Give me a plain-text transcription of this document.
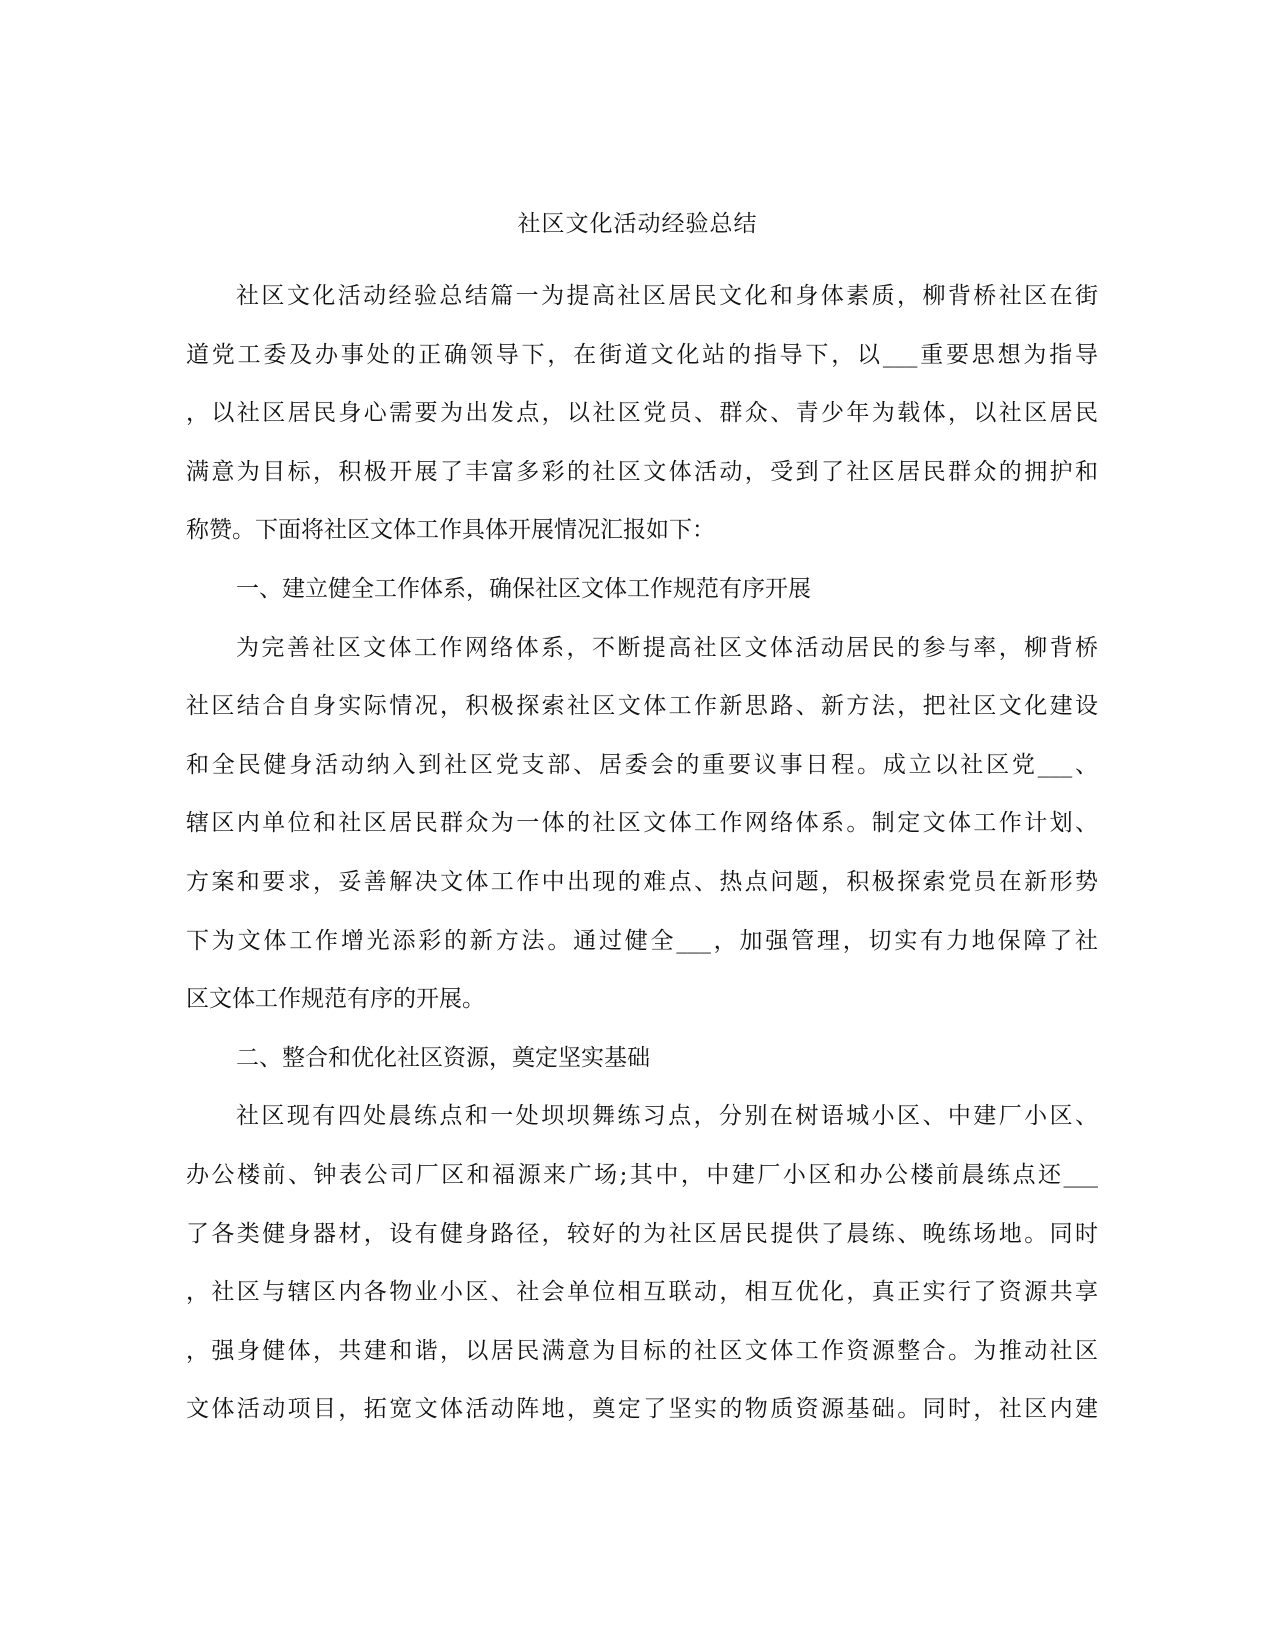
社区文化活动经验总结
社区文化活动经验总结篇一为提高社区居民文化和身体素质，柳背桥社区在街
道党工委及办事处的正确领导下，在街道文化站的指导下，以___重要思想为指导
，以社区居民身心需要为出发点，以社区党员、群众、青少年为载体，以社区居民
满意为目标，积极开展了丰富多彩的社区文体活动，受到了社区居民群众的拥护和
称赞。下面将社区文体工作具体开展情况汇报如下：
一、建立健全工作体系，确保社区文体工作规范有序开展
为完善社区文体工作网络体系，不断提高社区文体活动居民的参与率，柳背桥
社区结合自身实际情况，积极探索社区文体工作新思路、新方法，把社区文化建设
和全民健身活动纳入到社区党支部、居委会的重要议事日程。成立以社区党___、
辖区内单位和社区居民群众为一体的社区文体工作网络体系。制定文体工作计划、
方案和要求，妥善解决文体工作中出现的难点、热点问题，积极探索党员在新形势
下为文体工作增光添彩的新方法。通过健全___，加强管理，切实有力地保障了社
区文体工作规范有序的开展。
二、整合和优化社区资源，奠定坚实基础
社区现有四处晨练点和一处坝坝舞练习点，分别在树语城小区、中建厂小区、
办公楼前、钟表公司厂区和福源来广场;其中，中建厂小区和办公楼前晨练点还___
了各类健身器材，设有健身路径，较好的为社区居民提供了晨练、晚练场地。同时
，社区与辖区内各物业小区、社会单位相互联动，相互优化，真正实行了资源共享
，强身健体，共建和谐，以居民满意为目标的社区文体工作资源整合。为推动社区
文体活动项目，拓宽文体活动阵地，奠定了坚实的物质资源基础。同时，社区内建
